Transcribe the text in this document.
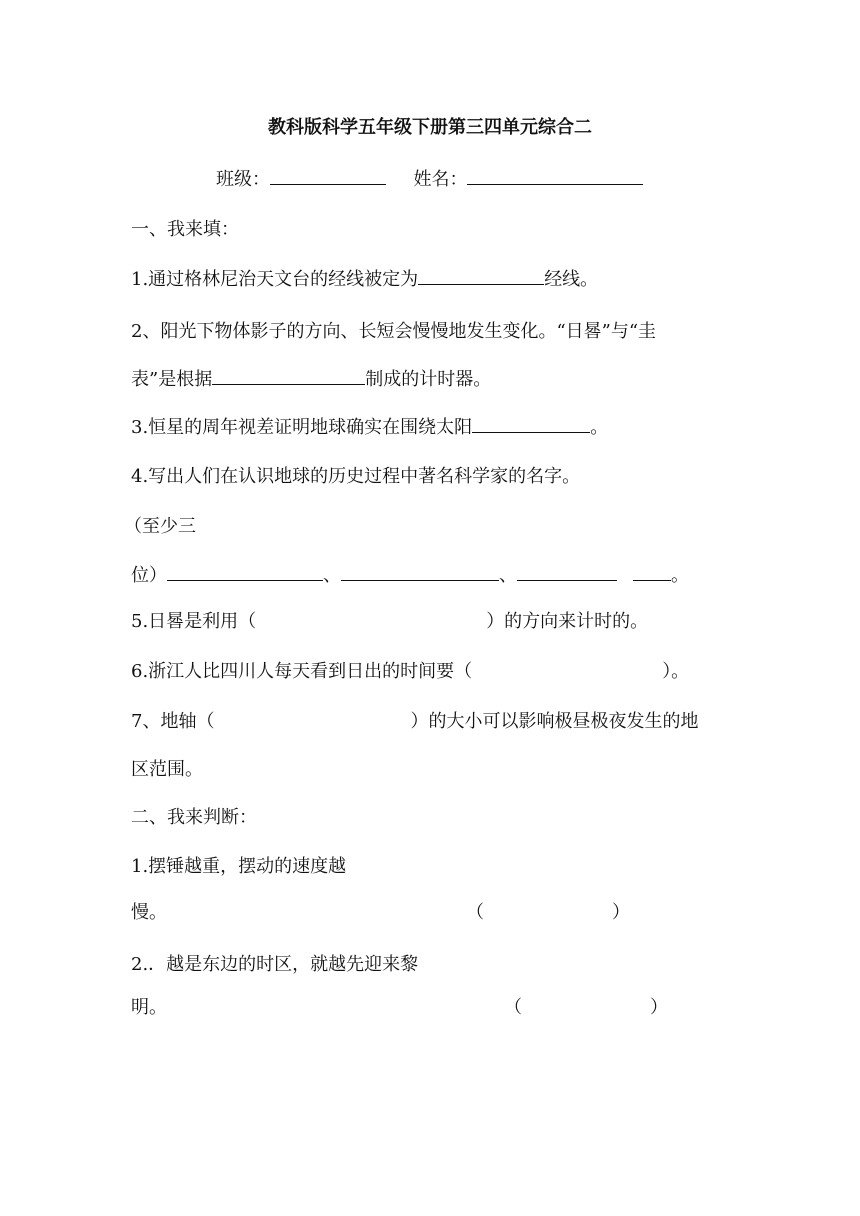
教科版科学五年级下册第三四单元综合二
班级：	姓名：
一、我来填：
1.通过格林尼治天文台的经线被定为	经线。
2、阳光下物体影子的方向、长短会慢慢地发生变化。“日晷”与“圭
表”是根据	制成的计时器。
3.恒星的周年视差证明地球确实在围绕太阳	。
4.写出人们在认识地球的历史过程中著名科学家的名字。
（至少三
位）	、	、	。
5.日晷是利用（	）的方向来计时的。
6.浙江人比四川人每天看到日出的时间要（	）。
7、地轴（	）的大小可以影响极昼极夜发生的地
区范围。
二、我来判断：
1.摆锤越重，摆动的速度越
慢。	（	）
2.．越是东边的时区，就越先迎来黎
明。	（	）
